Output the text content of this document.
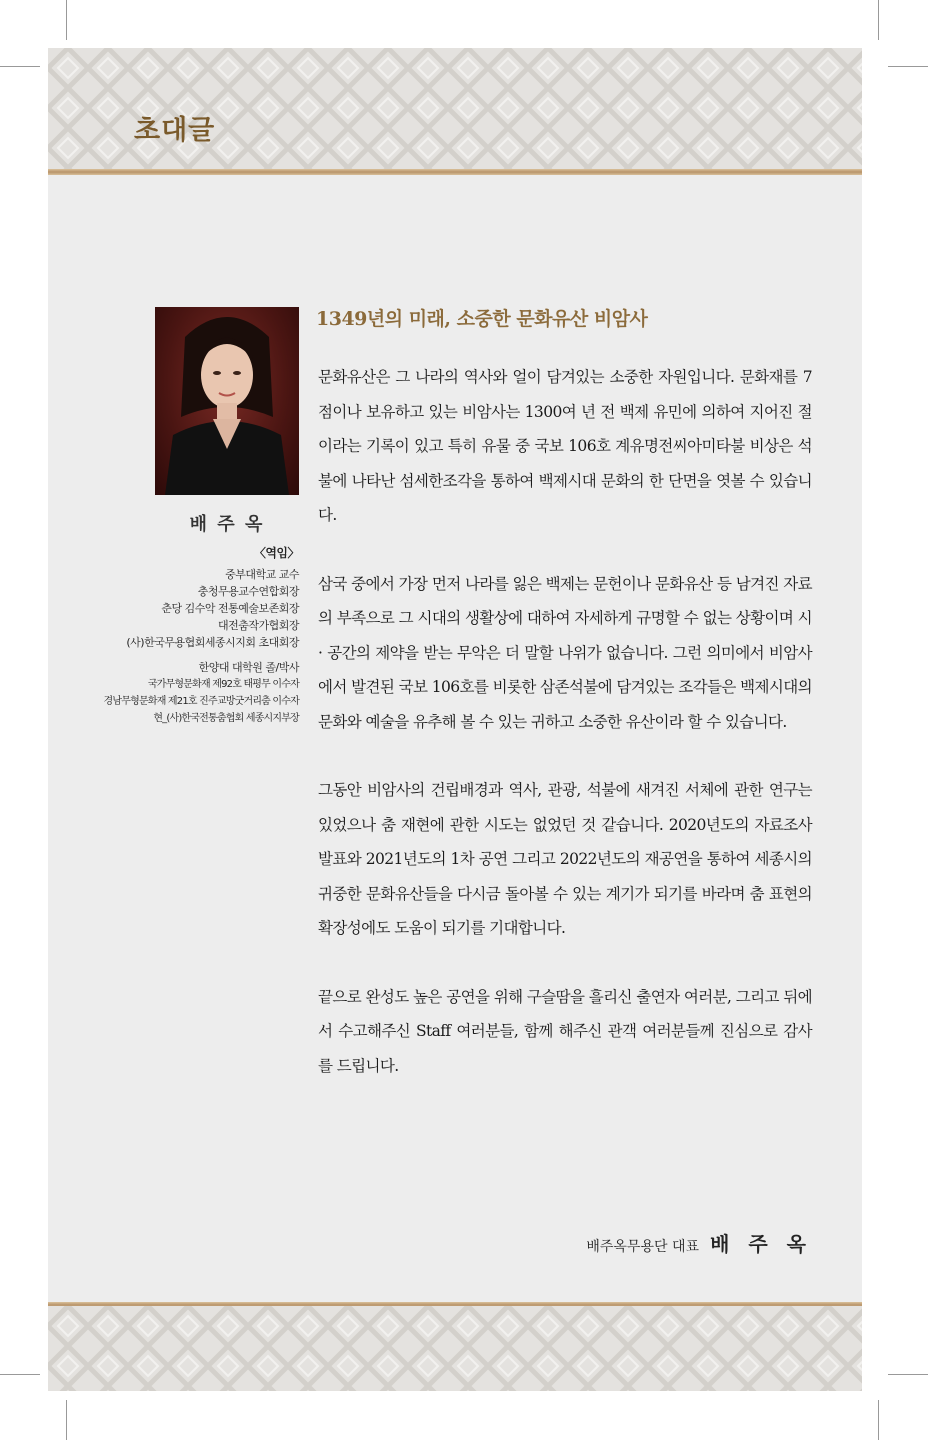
초대글
배 주 옥
〈역임〉
중부대학교 교수
충청무용교수연합회장
춘당 김수악 전통예술보존회장
대전춤작가협회장
(사)한국무용협회세종시지회 초대회장
한양대 대학원 졸/박사
국가무형문화재 제92호 태평무 이수자
경남무형문화재 제21호 진주교방굿거리춤 이수자
현_(사)한국전통춤협회 세종시지부장
1349년의 미래, 소중한 문화유산 비암사

문화유산은 그 나라의 역사와 얼이 담겨있는 소중한 자원입니다. 문화재를 7점이나 보유하고 있는 비암사는 1300여 년 전 백제 유민에 의하여 지어진 절이라는 기록이 있고 특히 유물 중 국보 106호 계유명전씨아미타불 비상은 석불에 나타난 섬세한조각을 통하여 백제시대 문화의 한 단면을 엿볼 수 있습니다.

삼국 중에서 가장 먼저 나라를 잃은 백제는 문헌이나 문화유산 등 남겨진 자료의 부족으로 그 시대의 생활상에 대하여 자세하게 규명할 수 없는 상황이며 시 · 공간의 제약을 받는 무악은 더 말할 나위가 없습니다. 그런 의미에서 비암사에서 발견된 국보 106호를 비롯한 삼존석불에 담겨있는 조각들은 백제시대의 문화와 예술을 유추해 볼 수 있는 귀하고 소중한 유산이라 할 수 있습니다.

그동안 비암사의 건립배경과 역사, 관광, 석불에 새겨진 서체에 관한 연구는 있었으나 춤 재현에 관한 시도는 없었던 것 같습니다. 2020년도의 자료조사발표와 2021년도의 1차 공연 그리고 2022년도의 재공연을 통하여 세종시의 귀중한 문화유산들을 다시금 돌아볼 수 있는 계기가 되기를 바라며 춤 표현의 확장성에도 도움이 되기를 기대합니다.

끝으로 완성도 높은 공연을 위해 구슬땀을 흘리신 출연자 여러분, 그리고 뒤에서 수고해주신 Staff 여러분들, 함께 해주신 관객 여러분들께 진심으로 감사를 드립니다.

배주옥무용단 대표 배 주 옥
